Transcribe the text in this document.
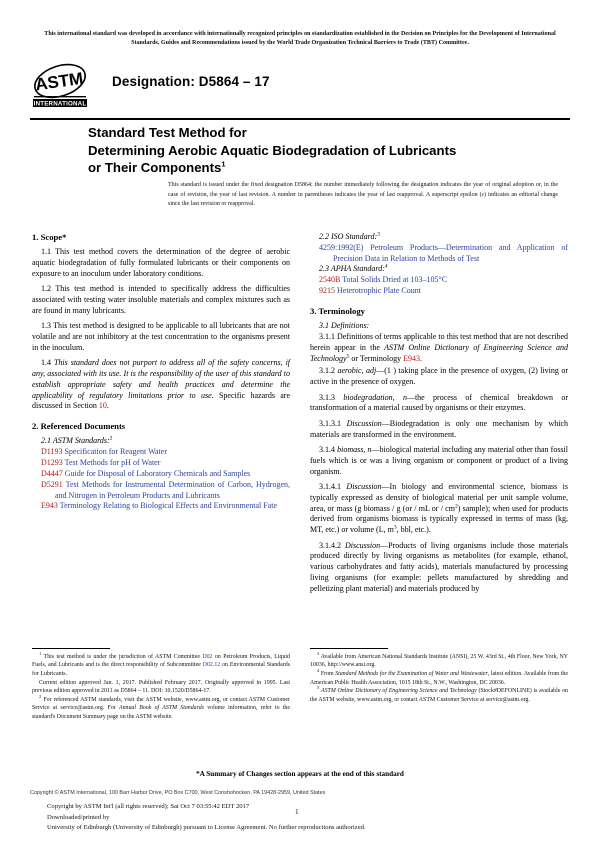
This international standard was developed in accordance with internationally recognized principles on standardization established in the Decision on Principles for the Development of International Standards, Guides and Recommendations issued by the World Trade Organization Technical Barriers to Trade (TBT) Committee.
ASTM
INTERNATIONAL
Designation: D5864 – 17
Standard Test Method for
Determining Aerobic Aquatic Biodegradation of Lubricants
or Their Components$^1$
This standard is issued under the fixed designation D5864; the number immediately following the designation indicates the year of original adoption or, in the case of revision, the year of last revision. A number in parentheses indicates the year of last reapproval. A superscript epsilon (ε) indicates an editorial change since the last revision or reapproval.
1. Scope*

1.1 This test method covers the determination of the degree of aerobic aquatic biodegradation of fully formulated lubricants or their components on exposure to an inoculum under laboratory conditions.

1.2 This test method is intended to specifically address the difficulties associated with testing water insoluble materials and complex mixtures such as are found in many lubricants.

1.3 This test method is designed to be applicable to all lubricants that are not volatile and are not inhibitory at the test concentration to the organisms present in the inoculum.

1.4 This standard does not purport to address all of the safety concerns, if any, associated with its use. It is the responsibility of the user of this standard to establish appropriate safety and health practices and determine the applicability of regulatory limitations prior to use. Specific hazards are discussed in Section 10.

2. Referenced Documents

2.1 ASTM Standards:$^2$

D1193 Specification for Reagent Water

D1293 Test Methods for pH of Water

D4447 Guide for Disposal of Laboratory Chemicals and Samples

D5291 Test Methods for Instrumental Determination of Carbon, Hydrogen, and Nitrogen in Petroleum Products and Lubricants

E943 Terminology Relating to Biological Effects and Environmental Fate

2.2 ISO Standard:$^3$

4259:1992(E) Petroleum Products—Determination and Application of Precision Data in Relation to Methods of Test

2.3 APHA Standard:$^4$

2540B Total Solids Dried at 103–105°C

9215 Heterotrophic Plate Count

3. Terminology

3.1 Definitions:

3.1.1 Definitions of terms applicable to this test method that are not described herein appear in the ASTM Online Dictionary of Engineering Science and Technology$^5$ or Terminology E943.

3.1.2 aerobic, adj—(1 ) taking place in the presence of oxygen, (2) living or active in the presence of oxygen.

3.1.3 biodegradation, n—the process of chemical breakdown or transformation of a material caused by organisms or their enzymes.

3.1.3.1 Discussion—Biodegradation is only one mechanism by which materials are transformed in the environment.

3.1.4 biomass, n—biological material including any material other than fossil fuels which is or was a living organism or component or product of a living organism.

3.1.4.1 Discussion—In biology and environmental science, biomass is typically expressed as density of biological material per unit sample volume, area, or mass (g biomass / g (or / mL or / $cm^2$) sample); when used for products derived from organisms biomass is typically expressed in terms of mass (kg, MT, etc.) or volume (L, $m^3$, bbl, etc.).

3.1.4.2 Discussion—Products of living organisms include those materials produced directly by living organisms as metabolites (for example, ethanol, various carbohydrates and fatty acids), materials manufactured by processing living organisms (for example: pellets manufactured by shredding and pelletizing plant material) and materials produced by

$^1$ This test method is under the jurisdiction of ASTM Committee D02 on Petroleum Products, Liquid Fuels, and Lubricants and is the direct responsibility of Subcommittee D02.12 on Environmental Standards for Lubricants.

Current edition approved Jan. 1, 2017. Published February 2017. Originally approved in 1995. Last previous edition approved in 2011 as D5864 – 11. DOI: 10.1520/D5864-17.

$^2$ For referenced ASTM standards, visit the ASTM website, www.astm.org, or contact ASTM Customer Service at service@astm.org. For Annual Book of ASTM Standards volume information, refer to the standard's Document Summary page on the ASTM website.

$^3$ Available from American National Standards Institute (ANSI), 25 W. 43rd St., 4th Floor, New York, NY 10036, http://www.ansi.org.

$^4$ From Standard Methods for the Examination of Water and Wastewater, latest edition. Available from the American Public Health Association, 1015 18th St., N.W., Washington, DC 20036.

$^5$ ASTM Online Dictionary of Engineering Science and Technology (Stock#DEFONLINE) is available on the ASTM website, www.astm.org, or contact ASTM Customer Service at service@astm.org.

*A Summary of Changes section appears at the end of this standard
Copyright © ASTM International, 100 Barr Harbor Drive, PO Box C700, West Conshohocken, PA 19428-2959, United States
Copyright by ASTM Int'l (all rights reserved); Sat Oct 7 03:55:42 EDT 2017
Downloaded/printed by
University of Edinburgh (University of Edinburgh) pursuant to License Agreement. No further reproductions authorized.
1
